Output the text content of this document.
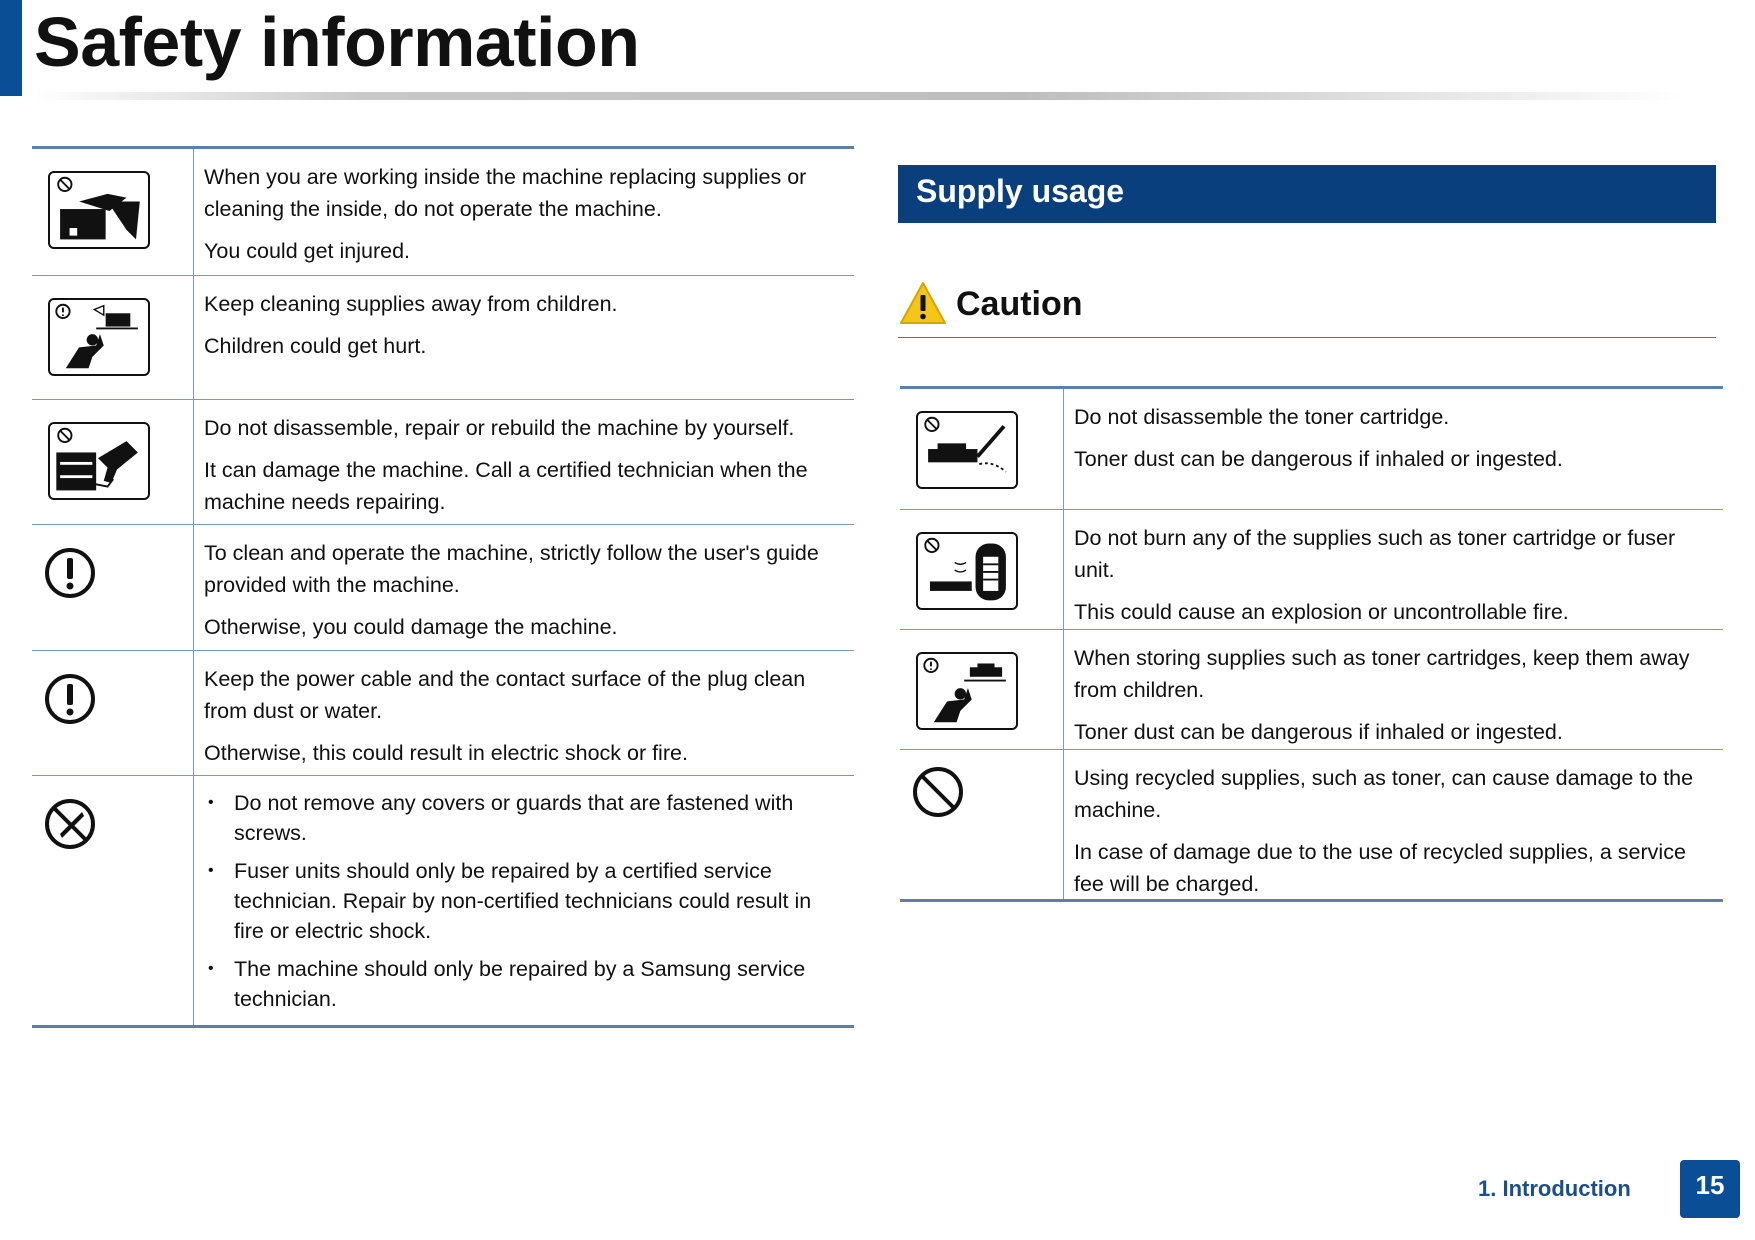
Safety information

When you are working inside the machine replacing supplies or cleaning the inside, do not operate the machine.

You could get injured.

Keep cleaning supplies away from children.

Children could get hurt.

Do not disassemble, repair or rebuild the machine by yourself.

It can damage the machine. Call a certified technician when the machine needs repairing.

To clean and operate the machine, strictly follow the user's guide provided with the machine.

Otherwise, you could damage the machine.

Keep the power cable and the contact surface of the plug clean from dust or water.

Otherwise, this could result in electric shock or fire.

• Do not remove any covers or guards that are fastened with screws.
• Fuser units should only be repaired by a certified service technician. Repair by non-certified technicians could result in fire or electric shock.
• The machine should only be repaired by a Samsung service technician.
Supply usage
Caution

Do not disassemble the toner cartridge.

Toner dust can be dangerous if inhaled or ingested.

Do not burn any of the supplies such as toner cartridge or fuser unit.

This could cause an explosion or uncontrollable fire.

When storing supplies such as toner cartridges, keep them away from children.

Toner dust can be dangerous if inhaled or ingested.

Using recycled supplies, such as toner, can cause damage to the machine.

In case of damage due to the use of recycled supplies, a service fee will be charged.

1. Introduction	15
